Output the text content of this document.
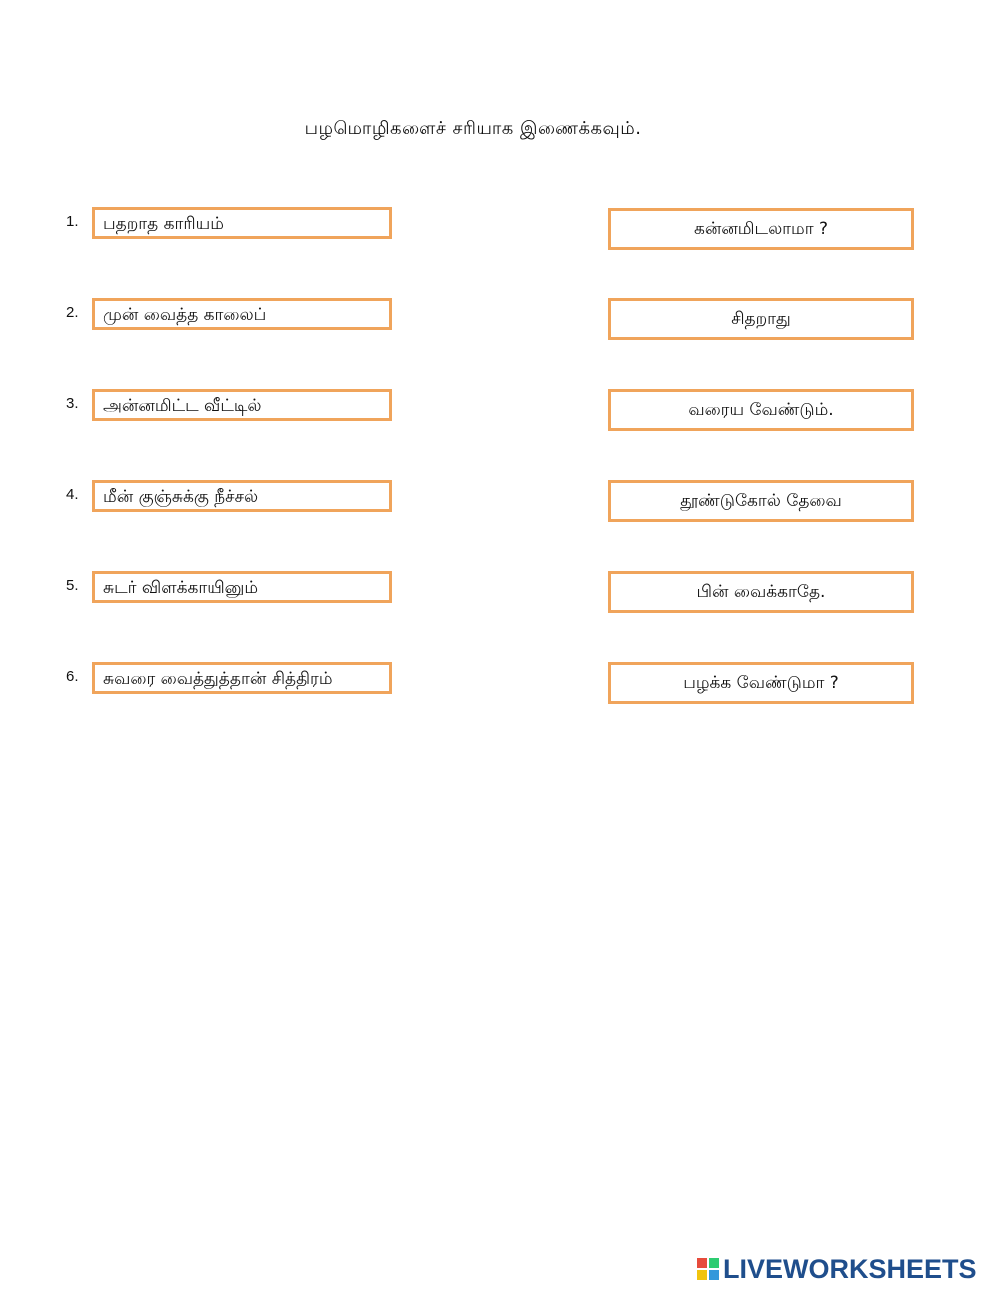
பழமொழிகளைச் சரியாக இணைக்கவும்.
1.	பதறாத காரியம்
2.	முன் வைத்த காலைப்
3.	அன்னமிட்ட வீட்டில்
4.	மீன் குஞ்சுக்கு நீச்சல்
5.	சுடர் விளக்காயினும்
6.	சுவரை வைத்துத்தான் சித்திரம்
கன்னமிடலாமா ?
சிதறாது
வரைய வேண்டும்.
தூண்டுகோல் தேவை
பின் வைக்காதே.
பழக்க வேண்டுமா ?
LIVEWORKSHEETS
